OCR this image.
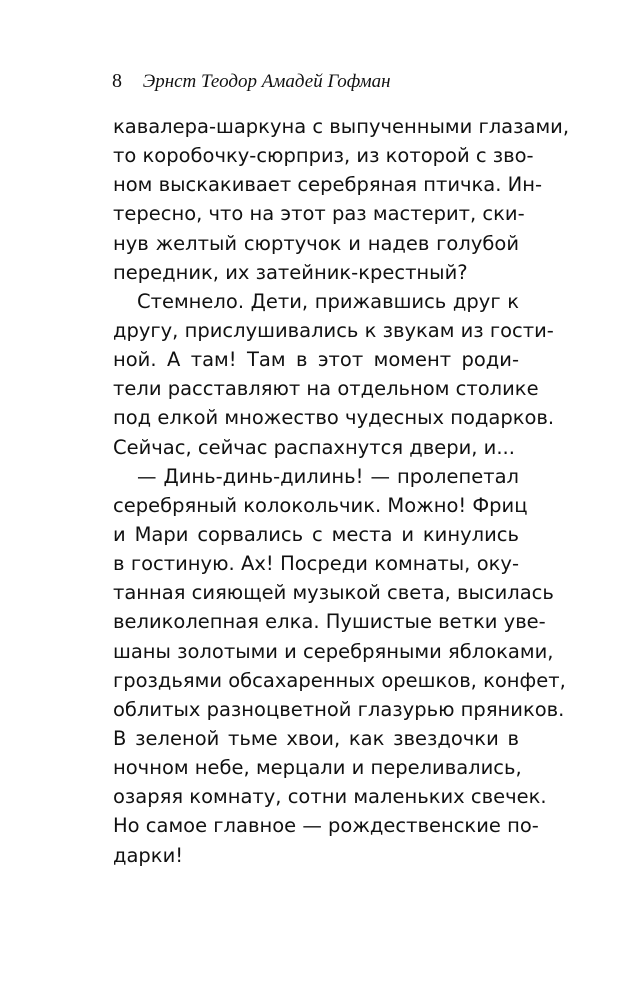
8 Эрнст Теодор Амадей Гофман
кавалера-шаркуна с выпученными глазами,
то коробочку-сюрприз, из которой с зво-
ном выскакивает серебряная птичка. Ин-
тересно, что на этот раз мастерит, ски-
нув желтый сюртучок и надев голубой
передник, их затейник-крестный?
Стемнело. Дети, прижавшись друг к
другу, прислушивались к звукам из гости-
ной. А там! Там в этот момент роди-
тели расставляют на отдельном столике
под елкой множество чудесных подарков.
Сейчас, сейчас распахнутся двери, и...
— Динь-динь-дилинь! — пролепетал
серебряный колокольчик. Можно! Фриц
и Мари сорвались с места и кинулись
в гостиную. Ах! Посреди комнаты, оку-
танная сияющей музыкой света, высилась
великолепная елка. Пушистые ветки уве-
шаны золотыми и серебряными яблоками,
гроздьями обсахаренных орешков, конфет,
облитых разноцветной глазурью пряников.
В зеленой тьме хвои, как звездочки в
ночном небе, мерцали и переливались,
озаряя комнату, сотни маленьких свечек.
Но самое главное — рождественские по-
дарки!
